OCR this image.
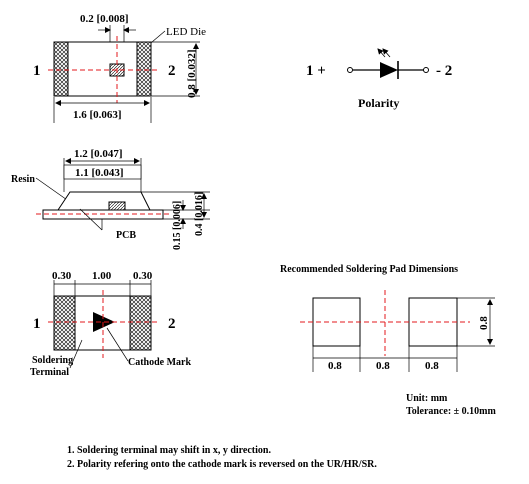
0.2 [0.008]
LED Die
1	2
1.6 [0.063]
0.8 [0.032]	1 +	- 2
Polarity
1.2 [0.047]
1.1 [0.043]
Resin
PCB	0.15 [0.006] 0.4 [0.016]
0.30 1.00 0.30
1	2
Soldering
Terminal
Cathode Mark
Recommended Soldering Pad Dimensions
0.8	0.8	0.8
0.8
Unit: mm
Tolerance: ± 0.10mm
1. Soldering terminal may shift in x, y direction.
2. Polarity refering onto the cathode mark is reversed on the UR/HR/SR.
